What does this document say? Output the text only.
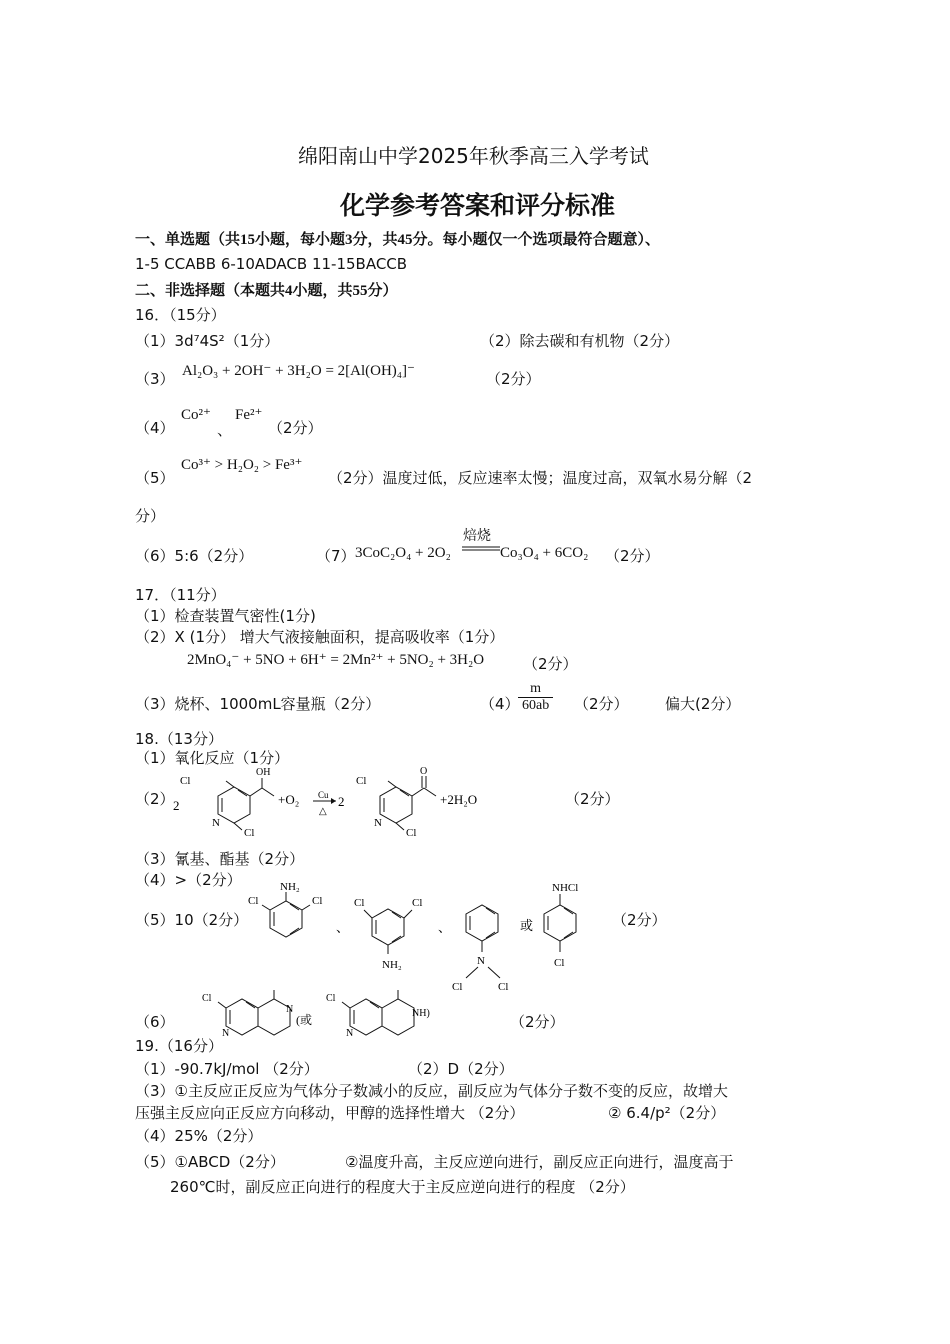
绵阳南山中学2025年秋季高三入学考试
化学参考答案和评分标准
一、单选题（共15小题，每小题3分，共45分。每小题仅一个选项最符合题意）、
1-5 CCABB 6-10ADACB 11-15BACCB
二、非选择题（本题共4小题，共55分）
16．（15分）
（1）3d⁷4S²（1分）	（2）除去碳和有机物（2分）
（3） Al₂O₃ + 2OH⁻ + 3H₂O = 2[Al(OH)₄]⁻	（2分）
（4）
Co²⁺
、
Fe²⁺
（2分）
（5）
Co³⁺ > H₂O₂ > Fe³⁺
（2分）温度过低，反应速率太慢；温度过高，双氧水易分解（2
分）
（6）5:6（2分）	（7） 3CoC₂O₄ + 2O₂
焙烧
Co₃O₄ + 6CO₂ （2分）
17．（11分）
（1）检查装置气密性(1分)
（2）X (1分） 增大气液接触面积，提高吸收率（1分）
2MnO₄⁻ + 5NO + 6H⁺ = 2Mn²⁺ + 5NO₂ + 3H₂O	（2分）
（3）烧杯、1000mL容量瓶（2分）	（4）
$\frac{m}{60ab} (2$分） 偏大(2分）
18.（13分）
（1）氧化反应（1分）
（2）
2
Cl
N
Cl
OH
+O₂ Cu
△
2
Cl
N
Cl
O
+2H₂O	（2分）
（3）氰基、酯基（2分）
（4）>（2分）
（5）10（2分）
NH₂
Cl	Cl
、
Cl	Cl
NH₂
、
N
Cl	Cl
或
NHCl
Cl
（2分）
（6）
N
Cl
N
(或
N
Cl
NH)	（2分）
19.（16分）
（1）-90.7kJ/mol （2分）	（2）D（2分）
（3）①主反应正反应为气体分子数减小的反应，副反应为气体分子数不变的反应，故增大
压强主反应向正反应方向移动，甲醇的选择性增大 （2分）	② 6.4/p²（2分）
（4）25%（2分）
（5）①ABCD（2分）	②温度升高，主反应逆向进行，副反应正向进行，温度高于
260℃时，副反应正向进行的程度大于主反应逆向进行的程度 （2分）
